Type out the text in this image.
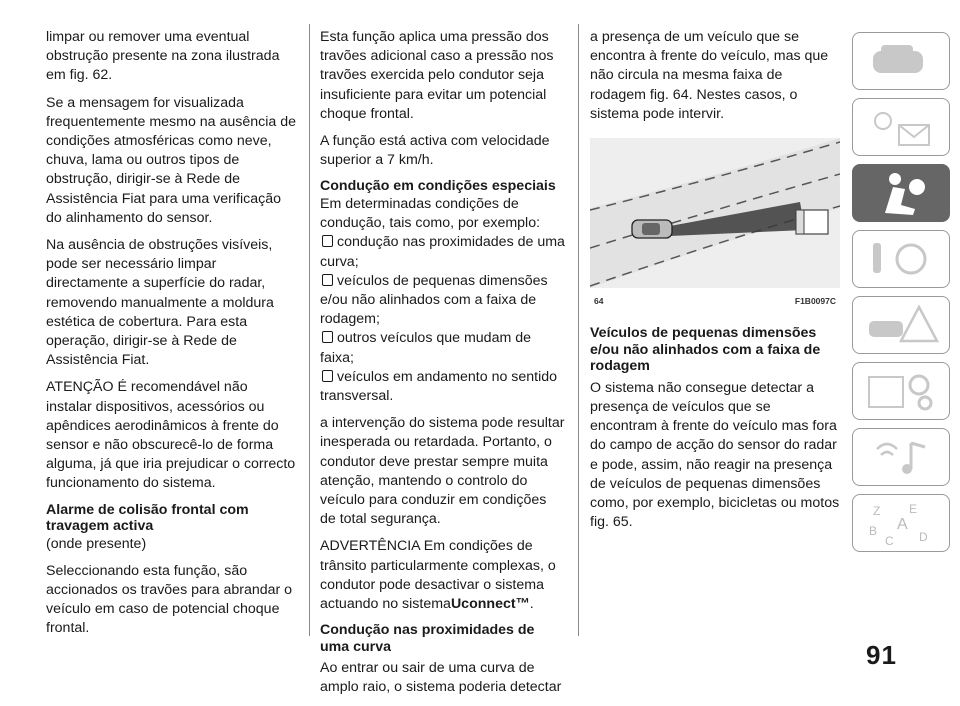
limpar ou remover uma eventual obstrução presente na zona ilustrada em fig. 62.

Se a mensagem for visualizada frequentemente mesmo na ausência de condições atmosféricas como neve, chuva, lama ou outros tipos de obstrução, dirigir-se à Rede de Assistência Fiat para uma verificação do alinhamento do sensor.

Na ausência de obstruções visíveis, pode ser necessário limpar directamente a superfície do radar, removendo manualmente a moldura estética de cobertura. Para esta operação, dirigir-se à Rede de Assistência Fiat.

ATENÇÃO É recomendável não instalar dispositivos, acessórios ou apêndices aerodinâmicos à frente do sensor e não obscurecê-lo de forma alguma, já que iria prejudicar o correcto funcionamento do sistema.

Alarme de colisão frontal com travagem activa

(onde presente)

Seleccionando esta função, são accionados os travões para abrandar o veículo em caso de potencial choque frontal.

Esta função aplica uma pressão dos travões adicional caso a pressão nos travões exercida pelo condutor seja insuficiente para evitar um potencial choque frontal.

A função está activa com velocidade superior a 7 km/h.

Condução em condições especiais

Em determinadas condições de condução, tais como, por exemplo:

condução nas proximidades de uma curva;
veículos de pequenas dimensões e/ou não alinhados com a faixa de rodagem;
outros veículos que mudam de faixa;
veículos em andamento no sentido transversal.

a intervenção do sistema pode resultar inesperada ou retardada. Portanto, o condutor deve prestar sempre muita atenção, mantendo o controlo do veículo para conduzir em condições de total segurança.

ADVERTÊNCIA Em condições de trânsito particularmente complexas, o condutor pode desactivar o sistema actuando no sistemaUconnect™.

Condução nas proximidades de uma curva

Ao entrar ou sair de uma curva de amplo raio, o sistema poderia detectar

a presença de um veículo que se encontra à frente do veículo, mas que não circula na mesma faixa de rodagem fig. 64. Nestes casos, o sistema pode intervir.

64	F1B0097C
Veículos de pequenas dimensões e/ou não alinhados com a faixa de rodagem

O sistema não consegue detectar a presença de veículos que se encontram à frente do veículo mas fora do campo de acção do sensor do radar e pode, assim, não reagir na presença de veículos de pequenas dimensões como, por exemplo, bicicletas ou motos fig. 65.

Z E
B A
C D
91
